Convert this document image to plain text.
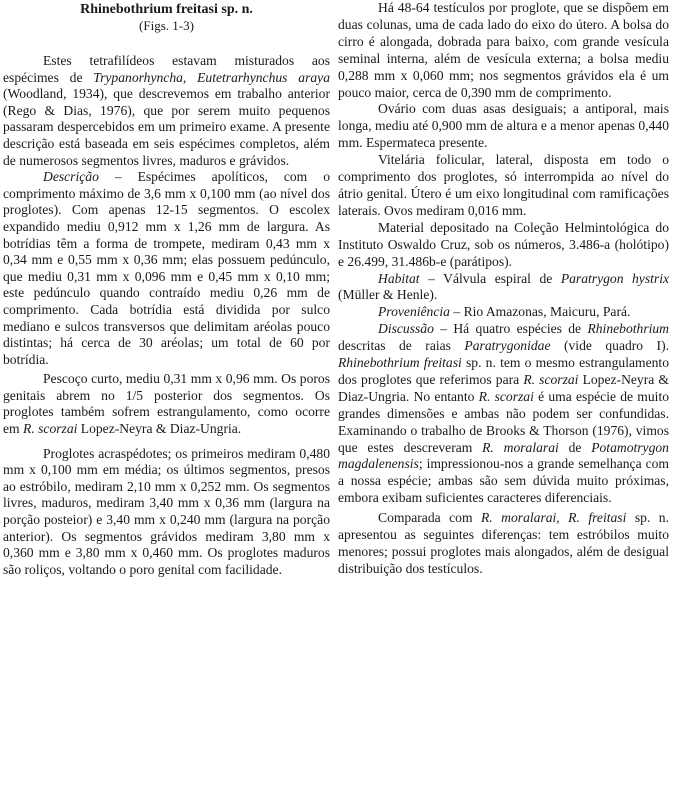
Rhinebothrium freitasi sp. n.

(Figs. 1-3)

Estes tetrafilídeos estavam misturados aos espécimes de Trypanorhyncha, Eutetrarhynchus araya (Woodland, 1934), que descrevemos em trabalho anterior (Rego & Dias, 1976), que por serem muito pequenos passaram despercebidos em um primeiro exame. A presente descrição está baseada em seis espécimes completos, além de numerosos segmentos livres, maduros e grávidos.

Descrição – Espécimes apolíticos, com o comprimento máximo de 3,6 mm x 0,100 mm (ao nível dos proglotes). Com apenas 12-15 segmentos. O escolex expandido mediu 0,912 mm x 1,26 mm de largura. As botrídias têm a forma de trompete, mediram 0,43 mm x 0,34 mm e 0,55 mm x 0,36 mm; elas possuem pedúnculo, que mediu 0,31 mm x 0,096 mm e 0,45 mm x 0,10 mm; este pedúnculo quando contraído mediu 0,26 mm de comprimento. Cada botrídia está dividida por sulco mediano e sulcos transversos que delimitam aréolas pouco distintas; há cerca de 30 aréolas; um total de 60 por botrídia.

Pescoço curto, mediu 0,31 mm x 0,96 mm. Os poros genitais abrem no 1/5 posterior dos segmentos. Os proglotes também sofrem estrangulamento, como ocorre em R. scorzai Lopez-Neyra & Diaz-Ungria.

Proglotes acraspédotes; os primeiros mediram 0,480 mm x 0,100 mm em média; os últimos segmentos, presos ao estróbilo, mediram 2,10 mm x 0,252 mm. Os segmentos livres, maduros, mediram 3,40 mm x 0,36 mm (largura na porção posteior) e 3,40 mm x 0,240 mm (largura na porção anterior). Os segmentos grávidos mediram 3,80 mm x 0,360 mm e 3,80 mm x 0,460 mm. Os proglotes maduros são roliços, voltando o poro genital com facilidade.

Há 48-64 testículos por proglote, que se dispõem em duas colunas, uma de cada lado do eixo do útero. A bolsa do cirro é alongada, dobrada para baixo, com grande vesícula seminal interna, além de vesícula externa; a bolsa mediu 0,288 mm x 0,060 mm; nos segmentos grávidos ela é um pouco maior, cerca de 0,390 mm de comprimento.

Ovário com duas asas desiguais; a antiporal, mais longa, mediu até 0,900 mm de altura e a menor apenas 0,440 mm. Espermateca presente.

Vitelária folicular, lateral, disposta em todo o comprimento dos proglotes, só interrompida ao nível do átrio genital. Útero é um eixo longitudinal com ramificações laterais. Ovos mediram 0,016 mm.

Material depositado na Coleção Helmintológica do Instituto Oswaldo Cruz, sob os números, 3.486-a (holótipo) e 26.499, 31.486b-e (parátipos).

Habitat – Válvula espiral de Paratrygon hystrix (Müller & Henle).

Proveniência – Rio Amazonas, Maicuru, Pará.

Discussão – Há quatro espécies de Rhinebothrium descritas de raias Paratrygonidae (vide quadro I). Rhinebothrium freitasi sp. n. tem o mesmo estrangulamento dos proglotes que referimos para R. scorzai Lopez-Neyra & Diaz-Ungria. No entanto R. scorzai é uma espécie de muito grandes dimensões e ambas não podem ser confundidas. Examinando o trabalho de Brooks & Thorson (1976), vimos que estes descreveram R. moralarai de Potamotrygon magdalenensis; impressionou-nos a grande semelhança com a nossa espécie; ambas são sem dúvida muito próximas, embora exibam suficientes caracteres diferenciais.

Comparada com R. moralarai, R. freitasi sp. n. apresentou as seguintes diferenças: tem estróbilos muito menores; possui proglotes mais alongados, além de desigual distribuição dos testículos.
